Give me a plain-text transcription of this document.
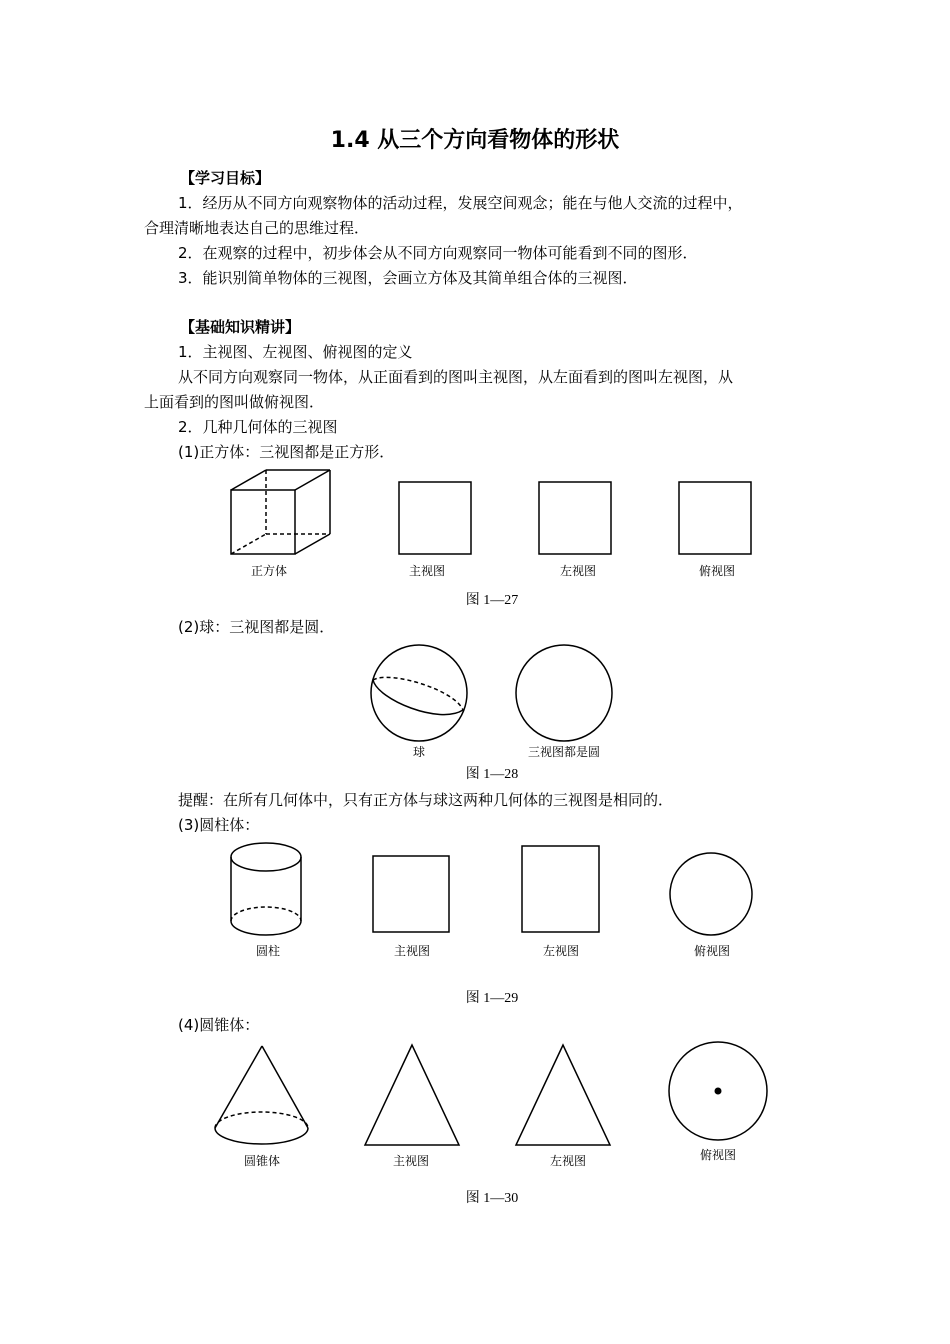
1.4 从三个方向看物体的形状
【学习目标】
1．经历从不同方向观察物体的活动过程，发展空间观念；能在与他人交流的过程中，
合理清晰地表达自己的思维过程．
2．在观察的过程中，初步体会从不同方向观察同一物体可能看到不同的图形．
3．能识别简单物体的三视图，会画立方体及其简单组合体的三视图．
【基础知识精讲】
1．主视图、左视图、俯视图的定义
从不同方向观察同一物体，从正面看到的图叫主视图，从左面看到的图叫左视图，从
上面看到的图叫做俯视图．
2．几种几何体的三视图
(1)正方体：三视图都是正方形．
正方体	主视图	左视图	俯视图
图 1—27
(2)球：三视图都是圆．
球	三视图都是圆
图 1—28
提醒：在所有几何体中，只有正方体与球这两种几何体的三视图是相同的．
(3)圆柱体：
圆柱	主视图	左视图	俯视图
图 1—29
(4)圆锥体：
圆锥体	主视图	左视图	俯视图
图 1—30
